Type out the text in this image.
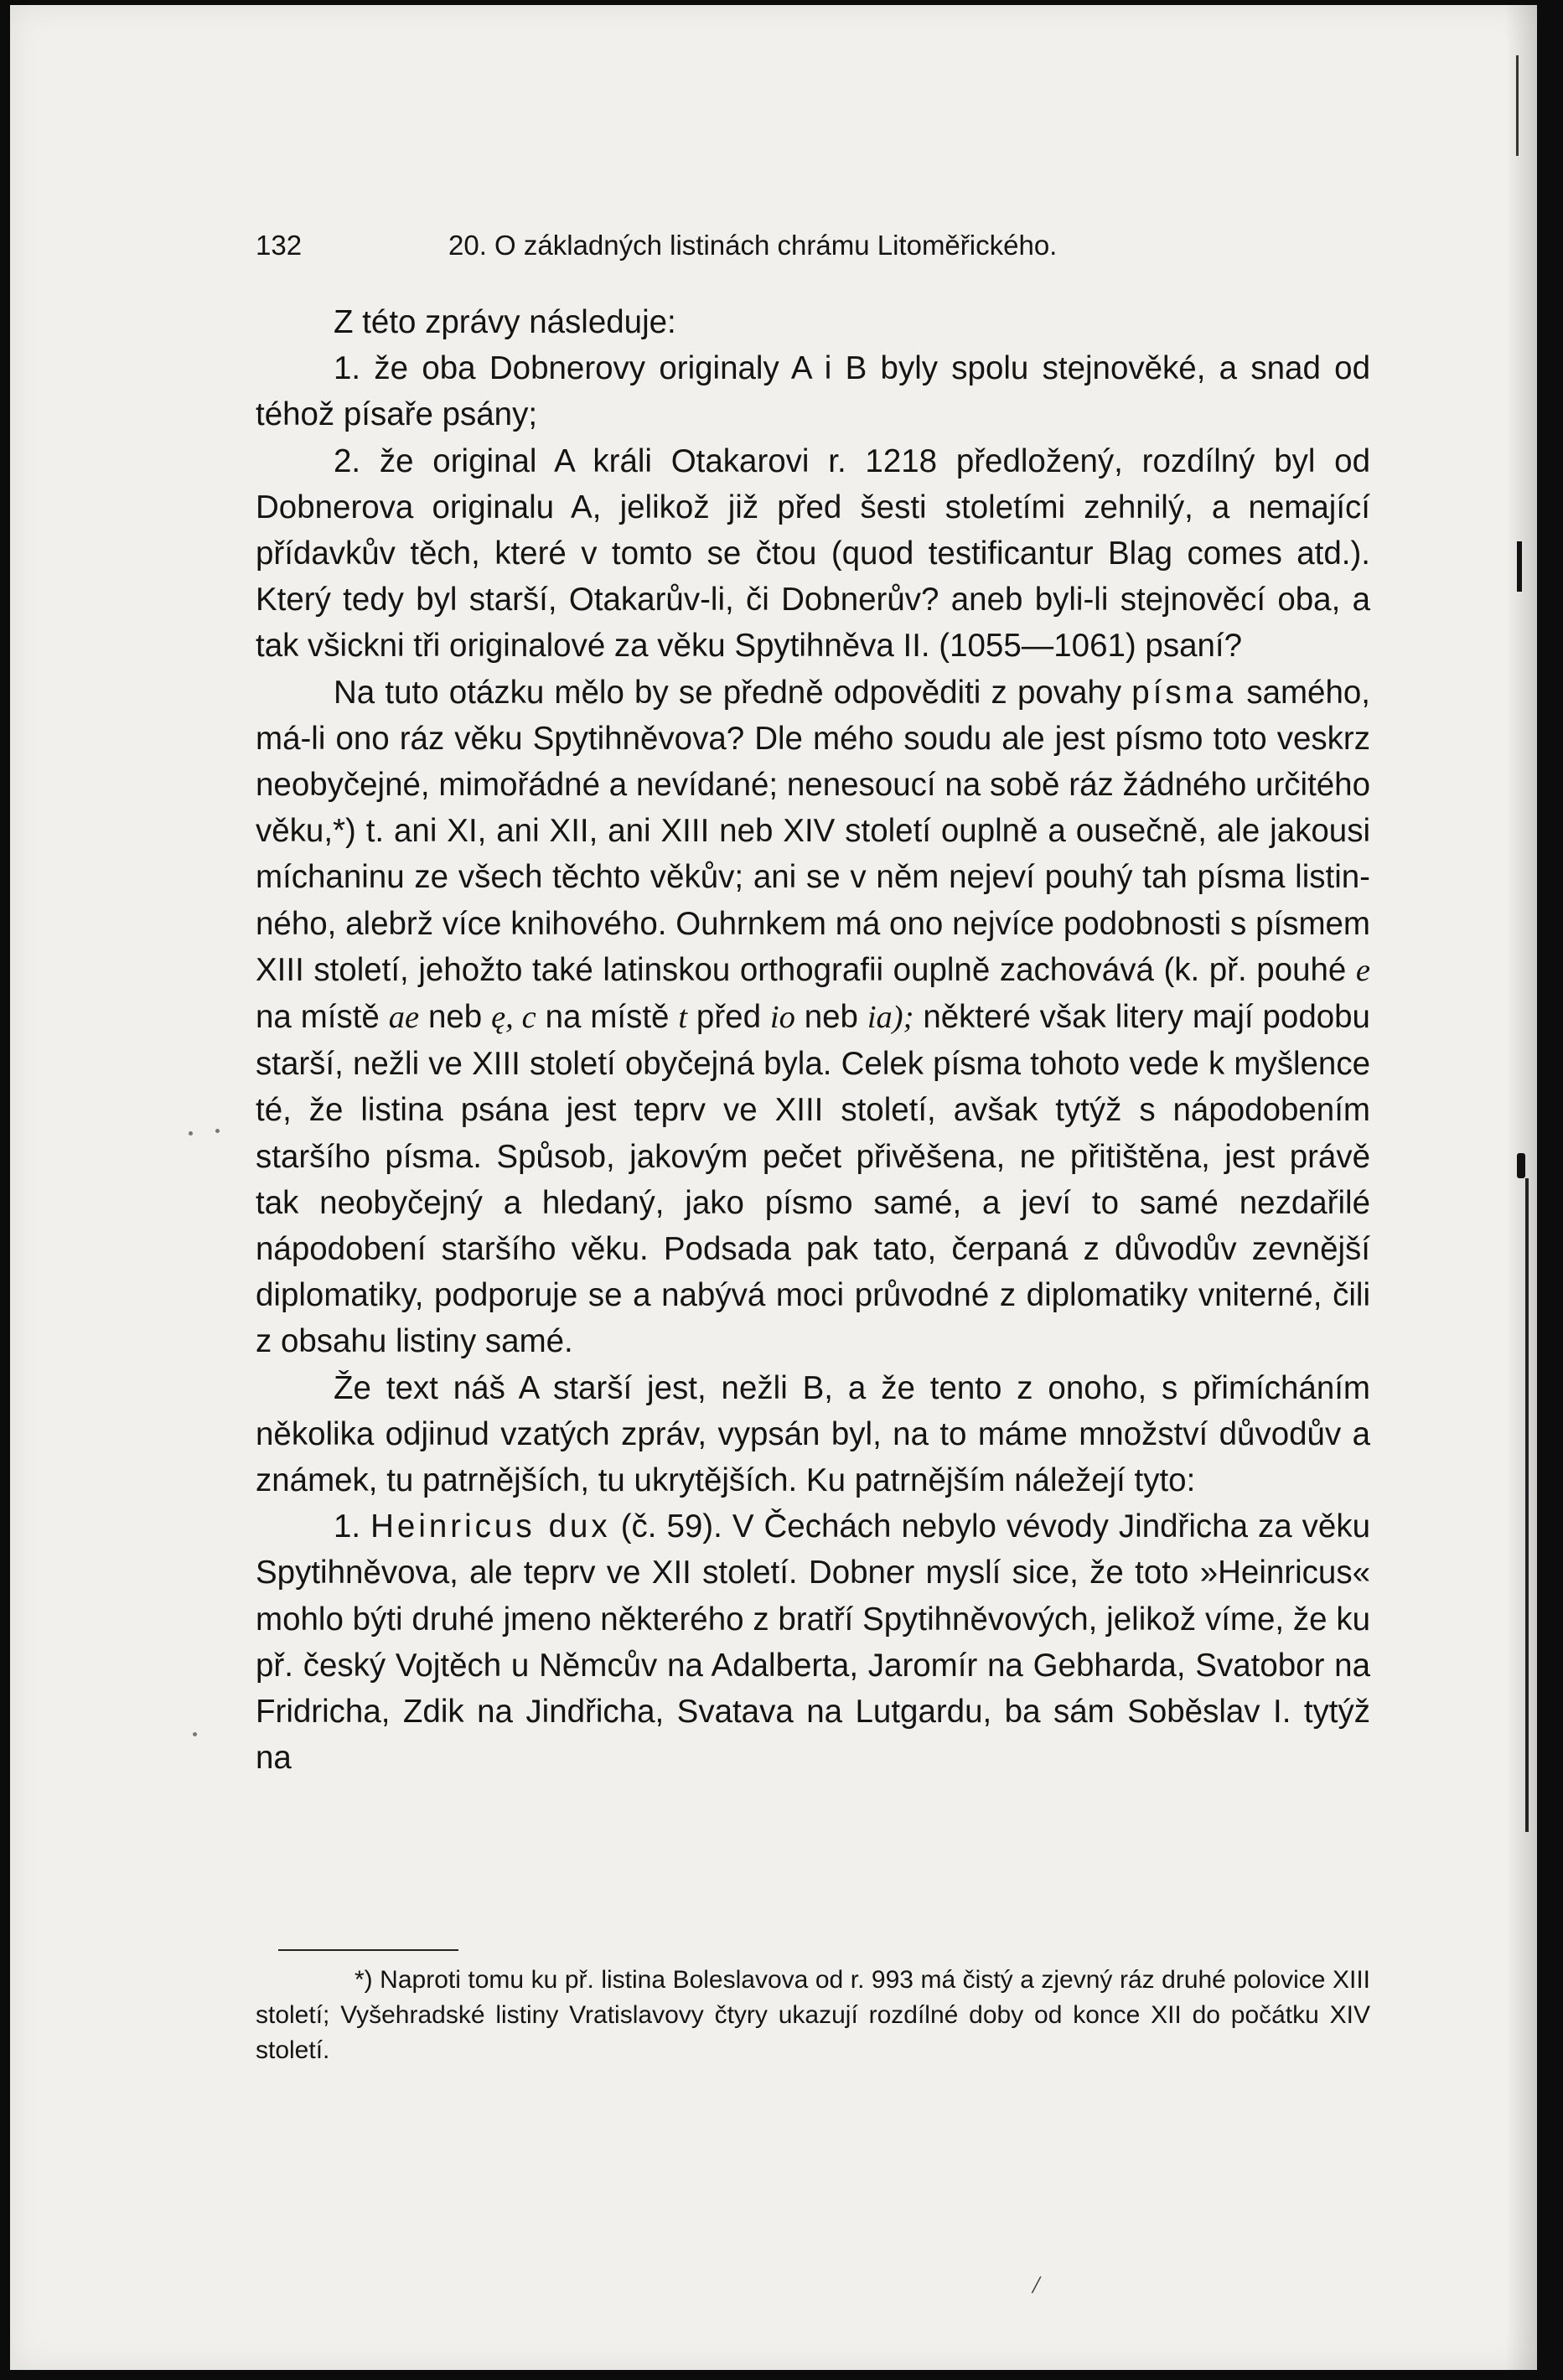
132	20. O základných listinách chrámu Litoměřického.

Z této zprávy následuje:

1. že oba Dobnerovy originaly A i B byly spolu stejnověké, a snad od téhož písaře psány;

2. že original A králi Otakarovi r. 1218 předložený, rozdílný byl od Dobnerova originalu A, jelikož již před šesti stoletími zehnilý, a nemající přídavkův těch, které v tomto se čtou (quod testificantur Blag comes atd.). Který tedy byl starší, Otakarův-li, či Dobnerův? aneb byli-li stejnověcí oba, a tak všickni tři originalové za věku Spytihněva II. (1055—1061) psaní?

Na tuto otázku mělo by se předně odpověditi z povahy písma samého, má-li ono ráz věku Spytihněvova? Dle mého soudu ale jest písmo toto veskrz neobyčejné, mimořádné a nevídané; nenesoucí na sobě ráz žádného určitého věku,*) t. ani XI, ani XII, ani XIII neb XIV století ouplně a ousečně, ale jakousi míchaninu ze všech těchto věkův; ani se v něm nejeví pouhý tah písma listinného, alebrž více knihového. Ouhrnkem má ono nejvíce podobnosti s písmem XIII století, jehožto také latinskou orthografii ouplně zachovává (k. př. pouhé e na místě ae neb ę, c na místě t před io neb ia); některé však litery mají podobu starší, nežli ve XIII století obyčejná byla. Celek písma tohoto vede k myšlence té, že listina psána jest teprv ve XIII století, avšak tytýž s nápodobením staršího písma. Spůsob, jakovým pečet přivěšena, ne přitištěna, jest právě tak neobyčejný a hledaný, jako písmo samé, a jeví to samé nezdařilé nápodobení staršího věku. Podsada pak tato, čerpaná z důvodův zevnější diplomatiky, podporuje se a nabývá moci průvodné z diplomatiky vniterné, čili z obsahu listiny samé.

Že text náš A starší jest, nežli B, a že tento z onoho, s přimícháním několika odjinud vzatých zpráv, vypsán byl, na to máme množství důvodův a známek, tu patrnějších, tu ukrytějších. Ku patrnějším náležejí tyto:

1. Heinricus dux (č. 59). V Čechách nebylo vévody Jindřicha za věku Spytihněvova, ale teprv ve XII století. Dobner myslí sice, že toto »Heinricus« mohlo býti druhé jmeno některého z bratří Spytihněvových, jelikož víme, že ku př. český Vojtěch u Němcův na Adalberta, Jaromír na Gebharda, Svatobor na Fridricha, Zdik na Jindřicha, Svatava na Lutgardu, ba sám Soběslav I. tytýž na

*) Naproti tomu ku př. listina Boleslavova od r. 993 má čistý a zjevný ráz druhé polovice XIII století; Vyšehradské listiny Vratislavovy čtyry ukazují rozdílné doby od konce XII do počátku XIV století.

/
